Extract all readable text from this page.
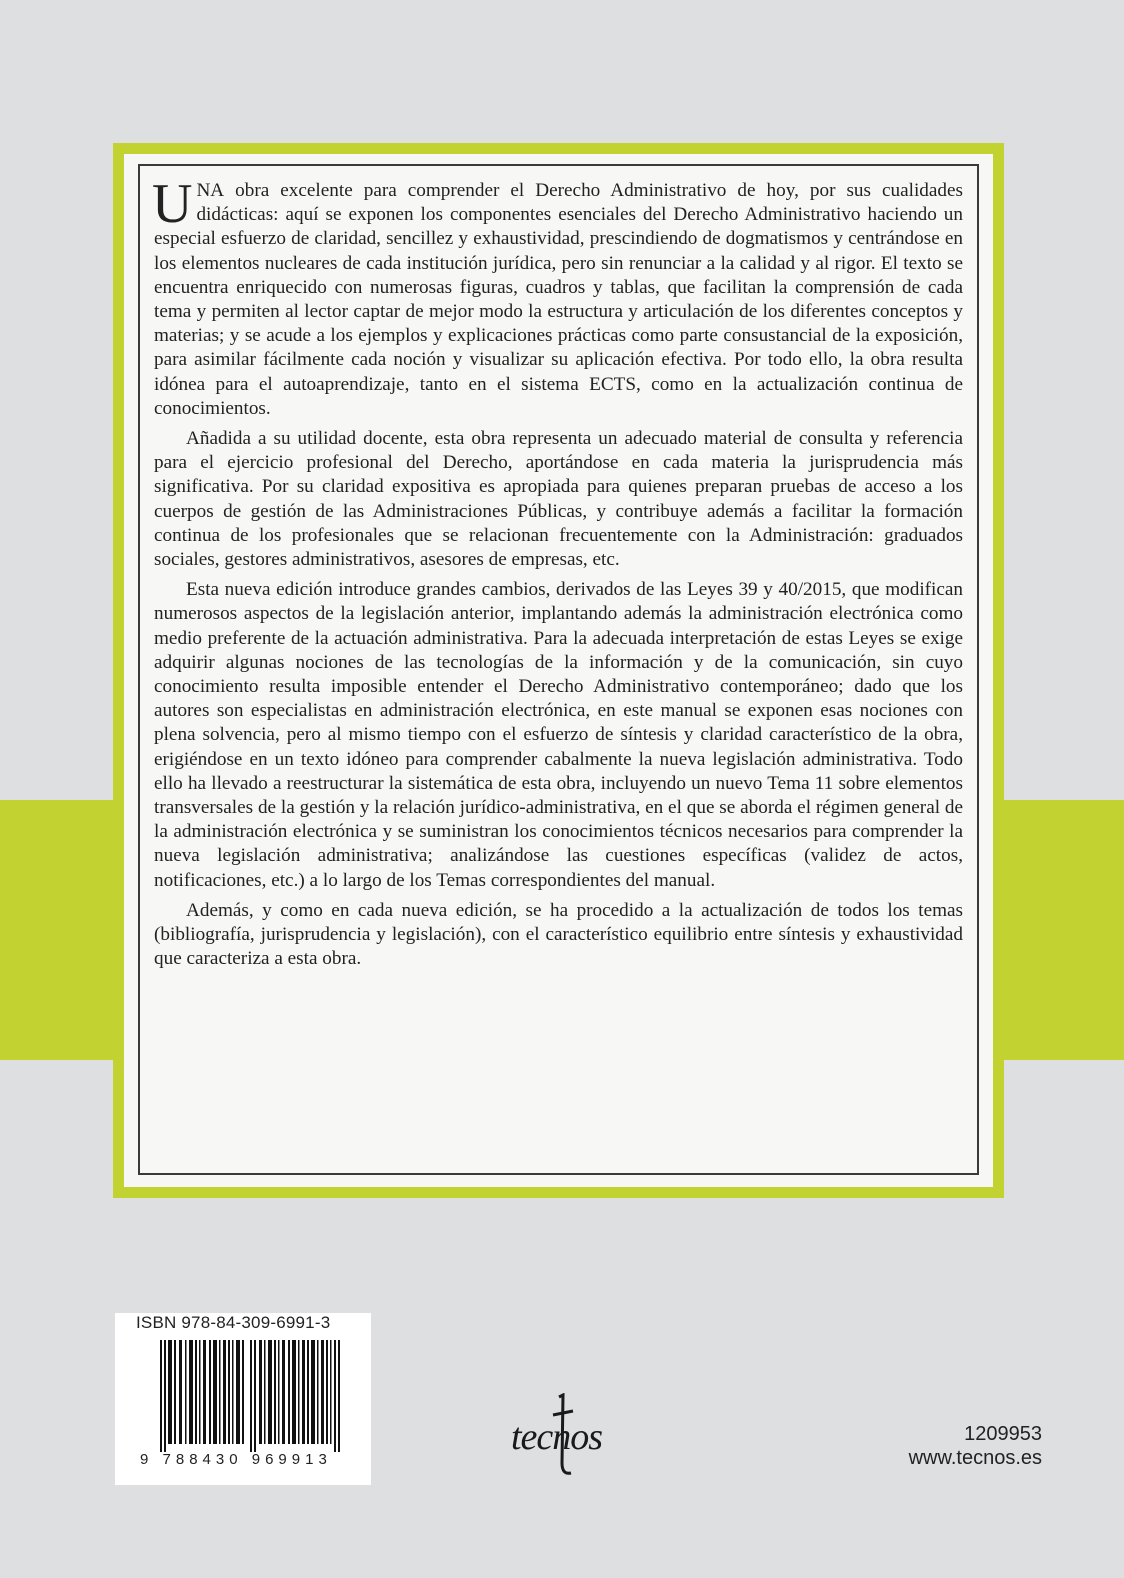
UNA obra excelente para comprender el Derecho Administrativo de hoy, por sus cualidades didácticas: aquí se exponen los componentes esenciales del Derecho Administrativo haciendo un especial esfuerzo de claridad, sencillez y exhaustividad, prescindiendo de dogmatismos y centrándose en los elementos nucleares de cada institución jurídica, pero sin renunciar a la calidad y al rigor. El texto se encuentra enriquecido con numerosas figuras, cuadros y tablas, que facilitan la comprensión de cada tema y permiten al lector captar de mejor modo la estructura y articulación de los diferentes conceptos y materias; y se acude a los ejemplos y explicaciones prácticas como parte consustancial de la exposición, para asimilar fácilmente cada noción y visualizar su aplicación efectiva. Por todo ello, la obra resulta idónea para el autoaprendizaje, tanto en el sistema ECTS, como en la actualización continua de conocimientos.

Añadida a su utilidad docente, esta obra representa un adecuado material de consulta y referencia para el ejercicio profesional del Derecho, aportándose en cada materia la jurisprudencia más significativa. Por su claridad expositiva es apropiada para quienes preparan pruebas de acceso a los cuerpos de gestión de las Administraciones Públicas, y contribuye además a facilitar la formación continua de los profesionales que se relacionan frecuentemente con la Administración: graduados sociales, gestores administrativos, asesores de empresas, etc.

Esta nueva edición introduce grandes cambios, derivados de las Leyes 39 y 40/2015, que modifican numerosos aspectos de la legislación anterior, implantando además la administración electrónica como medio preferente de la actuación administrativa. Para la adecuada interpretación de estas Leyes se exige adquirir algunas nociones de las tecnologías de la información y de la comunicación, sin cuyo conocimiento resulta imposible entender el Derecho Administrativo contemporáneo; dado que los autores son especialistas en administración electrónica, en este manual se exponen esas nociones con plena solvencia, pero al mismo tiempo con el esfuerzo de síntesis y claridad característico de la obra, erigiéndose en un texto idóneo para comprender cabalmente la nueva legislación administrativa. Todo ello ha llevado a reestructurar la sistemática de esta obra, incluyendo un nuevo Tema 11 sobre elementos transversales de la gestión y la relación jurídico-administrativa, en el que se aborda el régimen general de la administración electrónica y se suministran los conocimientos técnicos necesarios para comprender la nueva legislación administrativa; analizándose las cuestiones específicas (validez de actos, notificaciones, etc.) a lo largo de los Temas correspondientes del manual.

Además, y como en cada nueva edición, se ha procedido a la actualización de todos los temas (bibliografía, jurisprudencia y legislación), con el característico equilibrio entre síntesis y exhaustividad que caracteriza a esta obra.

ISBN 978-84-309-6991-3
9 788430 969913
tecnos	1209953
www.tecnos.es
